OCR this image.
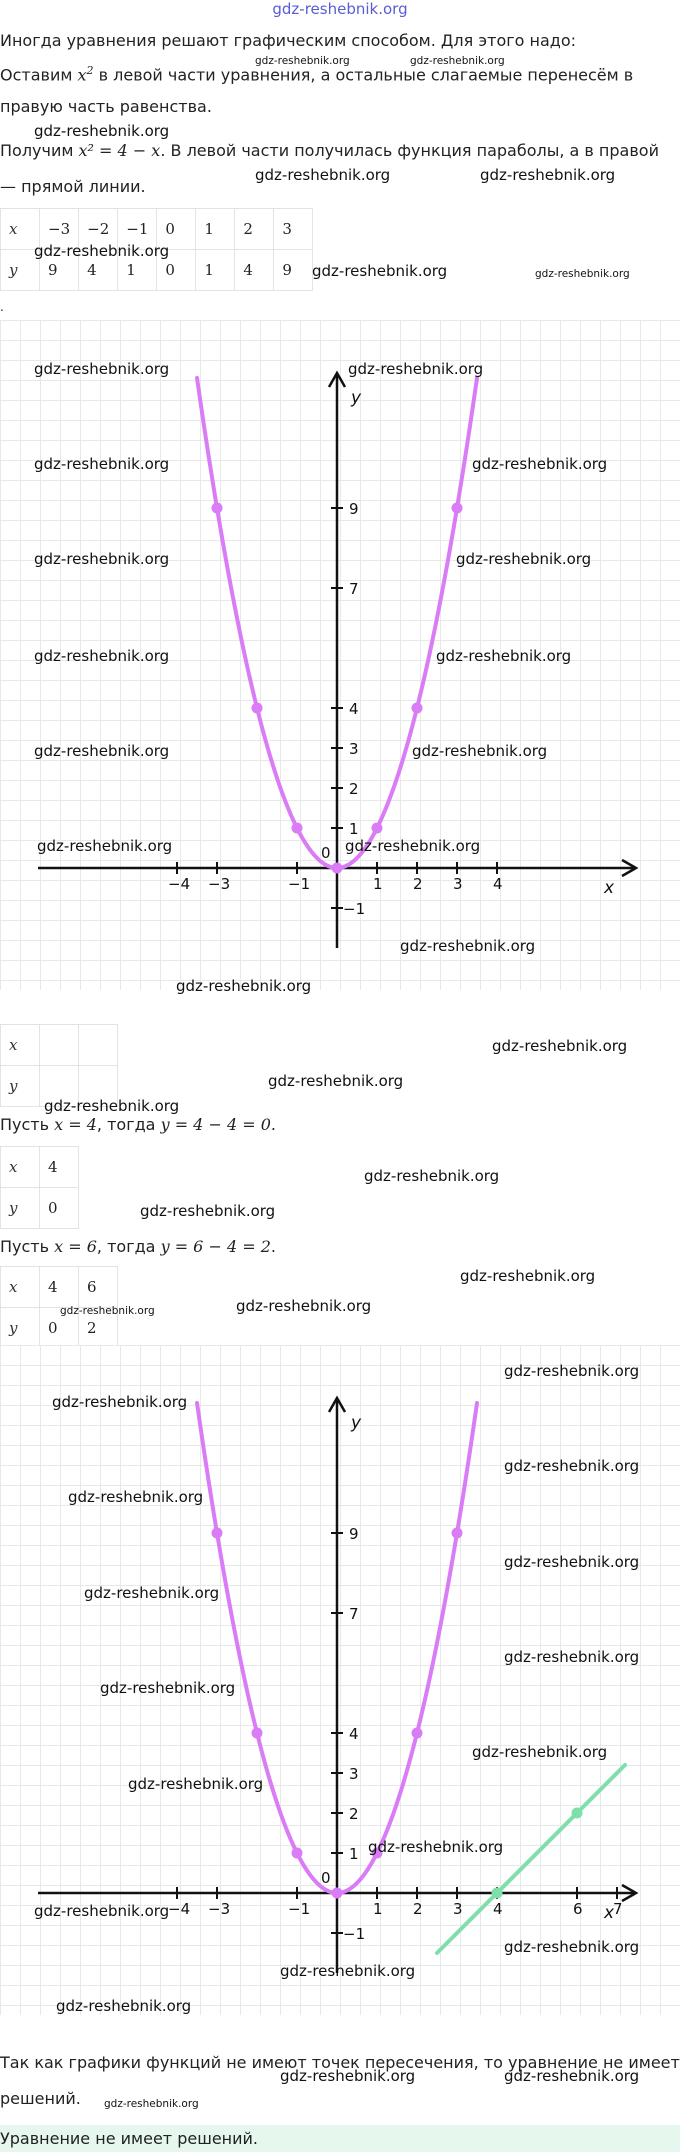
gdz-reshebnik.org
Иногда уравнения решают графическим способом. Для этого надо:
Оставим $x^2$ в левой части уравнения, а остальные слагаемые перенесём в
правую часть равенства.
Получим x² = 4 − x. В левой части получилась функция параболы, а в правой
— прямой линии.
x	−3	−2	−1	0	1	2	3
y	9	4	1	0	1	4	9
.
x
y
0
−4 −3	−1	1 2 3 4
9
7
4
3
2
1
−1
x		
y		
Пусть x = 4, тогда y = 4 − 4 = 0.
x	4
y	0
Пусть x = 6, тогда y = 6 − 4 = 2.
x	4	6
y	0	2
x
y
0
−4 −3	−1	1 2 3 4	6 7
9
7
4
3
2
1
−1
Так как графики функций не имеют точек пересечения, то уравнение не имеет
решений.
Уравнение не имеет решений.
gdz-reshebnik.org	gdz-reshebnik.org
gdz-reshebnik.org
gdz-reshebnik.org	gdz-reshebnik.org
gdz-reshebnik.org
gdz-reshebnik.org	gdz-reshebnik.org
gdz-reshebnik.org	gdz-reshebnik.org
gdz-reshebnik.org	gdz-reshebnik.org
gdz-reshebnik.org	gdz-reshebnik.org
gdz-reshebnik.org	gdz-reshebnik.org
gdz-reshebnik.org	gdz-reshebnik.org
gdz-reshebnik.org	gdz-reshebnik.org
gdz-reshebnik.org
gdz-reshebnik.org
gdz-reshebnik.org
gdz-reshebnik.org
gdz-reshebnik.org
gdz-reshebnik.org
gdz-reshebnik.org
gdz-reshebnik.org
gdz-reshebnik.org	gdz-reshebnik.org
gdz-reshebnik.org
gdz-reshebnik.org
gdz-reshebnik.org
gdz-reshebnik.org
gdz-reshebnik.org
gdz-reshebnik.org
gdz-reshebnik.org
gdz-reshebnik.org
gdz-reshebnik.org
gdz-reshebnik.org
gdz-reshebnik.org
gdz-reshebnik.org
gdz-reshebnik.org
gdz-reshebnik.org
gdz-reshebnik.org
gdz-reshebnik.org	gdz-reshebnik.org
gdz-reshebnik.org
